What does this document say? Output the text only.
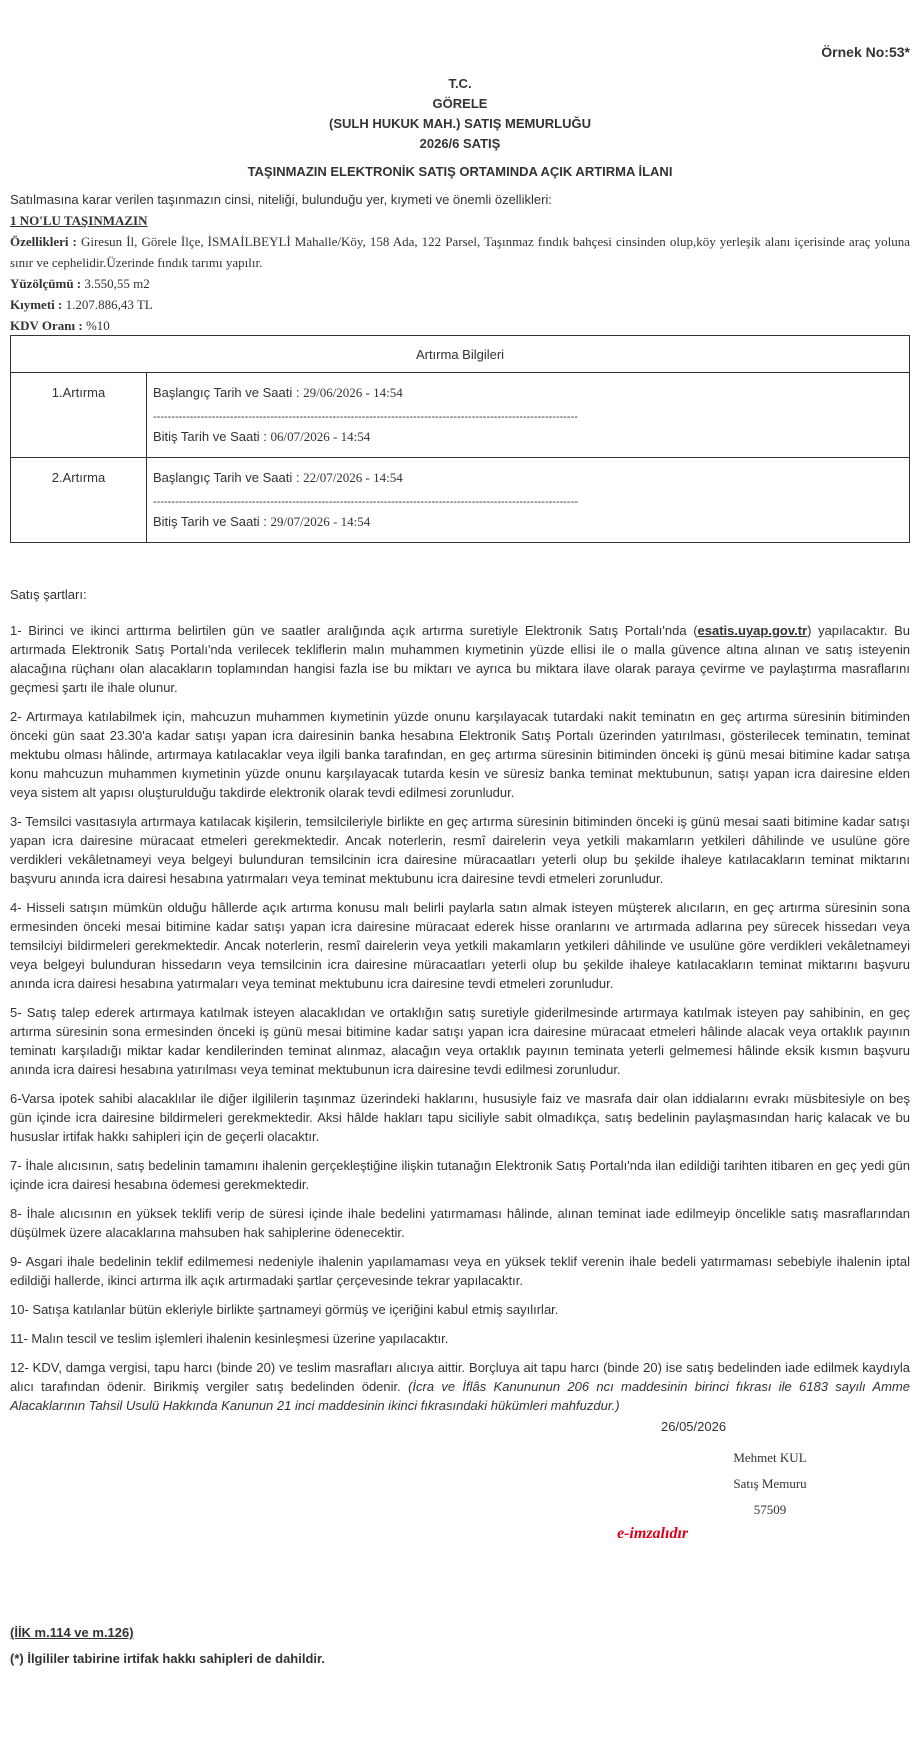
Örnek No:53*
T.C.
GÖRELE
(SULH HUKUK MAH.) SATIŞ MEMURLUĞU
2026/6 SATIŞ
TAŞINMAZIN ELEKTRONİK SATIŞ ORTAMINDA AÇIK ARTIRMA İLANI
Satılmasına karar verilen taşınmazın cinsi, niteliği, bulunduğu yer, kıymeti ve önemli özellikleri:
1 NO'LU TAŞINMAZIN
Özellikleri : Giresun İl, Görele İlçe, İSMAİLBEYLİ Mahalle/Köy, 158 Ada, 122 Parsel, Taşınmaz fındık bahçesi cinsinden olup,köy yerleşik alanı içerisinde araç yoluna sınır ve cephelidir.Üzerinde fındık tarımı yapılır.
Yüzölçümü : 3.550,55 m2
Kıymeti : 1.207.886,43 TL
KDV Oranı : %10
Artırma Bilgileri	
1.Artırma	Başlangıç Tarih ve Saati : 29/06/2026 - 14:54
--------------------------------------------------------------------------------------------------------------------
Bitiş Tarih ve Saati : 06/07/2026 - 14:54

2.Artırma	Başlangıç Tarih ve Saati : 22/07/2026 - 14:54
--------------------------------------------------------------------------------------------------------------------
Bitiş Tarih ve Saati : 29/07/2026 - 14:54

Satış şartları:

1- Birinci ve ikinci arttırma belirtilen gün ve saatler aralığında açık artırma suretiyle Elektronik Satış Portalı'nda (esatis.uyap.gov.tr) yapılacaktır. Bu artırmada Elektronik Satış Portalı'nda verilecek tekliflerin malın muhammen kıymetinin yüzde ellisi ile o malla güvence altına alınan ve satış isteyenin alacağına rüçhanı olan alacakların toplamından hangisi fazla ise bu miktarı ve ayrıca bu miktara ilave olarak paraya çevirme ve paylaştırma masraflarını geçmesi şartı ile ihale olunur.

2- Artırmaya katılabilmek için, mahcuzun muhammen kıymetinin yüzde onunu karşılayacak tutardaki nakit teminatın en geç artırma süresinin bitiminden önceki gün saat 23.30'a kadar satışı yapan icra dairesinin banka hesabına Elektronik Satış Portalı üzerinden yatırılması, gösterilecek teminatın, teminat mektubu olması hâlinde, artırmaya katılacaklar veya ilgili banka tarafından, en geç artırma süresinin bitiminden önceki iş günü mesai bitimine kadar satışa konu mahcuzun muhammen kıymetinin yüzde onunu karşılayacak tutarda kesin ve süresiz banka teminat mektubunun, satışı yapan icra dairesine elden veya sistem alt yapısı oluşturulduğu takdirde elektronik olarak tevdi edilmesi zorunludur.

3- Temsilci vasıtasıyla artırmaya katılacak kişilerin, temsilcileriyle birlikte en geç artırma süresinin bitiminden önceki iş günü mesai saati bitimine kadar satışı yapan icra dairesine müracaat etmeleri gerekmektedir. Ancak noterlerin, resmî dairelerin veya yetkili makamların yetkileri dâhilinde ve usulüne göre verdikleri vekâletnameyi veya belgeyi bulunduran temsilcinin icra dairesine müracaatları yeterli olup bu şekilde ihaleye katılacakların teminat miktarını başvuru anında icra dairesi hesabına yatırmaları veya teminat mektubunu icra dairesine tevdi etmeleri zorunludur.

4- Hisseli satışın mümkün olduğu hâllerde açık artırma konusu malı belirli paylarla satın almak isteyen müşterek alıcıların, en geç artırma süresinin sona ermesinden önceki mesai bitimine kadar satışı yapan icra dairesine müracaat ederek hisse oranlarını ve artırmada adlarına pey sürecek hissedarı veya temsilciyi bildirmeleri gerekmektedir. Ancak noterlerin, resmî dairelerin veya yetkili makamların yetkileri dâhilinde ve usulüne göre verdikleri vekâletnameyi veya belgeyi bulunduran hissedarın veya temsilcinin icra dairesine müracaatları yeterli olup bu şekilde ihaleye katılacakların teminat miktarını başvuru anında icra dairesi hesabına yatırmaları veya teminat mektubunu icra dairesine tevdi etmeleri zorunludur.

5- Satış talep ederek artırmaya katılmak isteyen alacaklıdan ve ortaklığın satış suretiyle giderilmesinde artırmaya katılmak isteyen pay sahibinin, en geç artırma süresinin sona ermesinden önceki iş günü mesai bitimine kadar satışı yapan icra dairesine müracaat etmeleri hâlinde alacak veya ortaklık payının teminatı karşıladığı miktar kadar kendilerinden teminat alınmaz, alacağın veya ortaklık payının teminata yeterli gelmemesi hâlinde eksik kısmın başvuru anında icra dairesi hesabına yatırılması veya teminat mektubunun icra dairesine tevdi edilmesi zorunludur.

6-Varsa ipotek sahibi alacaklılar ile diğer ilgililerin taşınmaz üzerindeki haklarını, hususiyle faiz ve masrafa dair olan iddialarını evrakı müsbitesiyle on beş gün içinde icra dairesine bildirmeleri gerekmektedir. Aksi hâlde hakları tapu siciliyle sabit olmadıkça, satış bedelinin paylaşmasından hariç kalacak ve bu hususlar irtifak hakkı sahipleri için de geçerli olacaktır.

7- İhale alıcısının, satış bedelinin tamamını ihalenin gerçekleştiğine ilişkin tutanağın Elektronik Satış Portalı'nda ilan edildiği tarihten itibaren en geç yedi gün içinde icra dairesi hesabına ödemesi gerekmektedir.

8- İhale alıcısının en yüksek teklifi verip de süresi içinde ihale bedelini yatırmaması hâlinde, alınan teminat iade edilmeyip öncelikle satış masraflarından düşülmek üzere alacaklarına mahsuben hak sahiplerine ödenecektir.

9- Asgari ihale bedelinin teklif edilmemesi nedeniyle ihalenin yapılamaması veya en yüksek teklif verenin ihale bedeli yatırmaması sebebiyle ihalenin iptal edildiği hallerde, ikinci artırma ilk açık artırmadaki şartlar çerçevesinde tekrar yapılacaktır.

10- Satışa katılanlar bütün ekleriyle birlikte şartnameyi görmüş ve içeriğini kabul etmiş sayılırlar.

11- Malın tescil ve teslim işlemleri ihalenin kesinleşmesi üzerine yapılacaktır.

12- KDV, damga vergisi, tapu harcı (binde 20) ve teslim masrafları alıcıya aittir. Borçluya ait tapu harcı (binde 20) ise satış bedelinden iade edilmek kaydıyla alıcı tarafından ödenir. Birikmiş vergiler satış bedelinden ödenir. (İcra ve İflâs Kanununun 206 ncı maddesinin birinci fıkrası ile 6183 sayılı Amme Alacaklarının Tahsil Usulü Hakkında Kanunun 21 inci maddesinin ikinci fıkrasındaki hükümleri mahfuzdur.)

26/05/2026
Mehmet KUL
Satış Memuru
57509
e-imzalıdır
(İİK m.114 ve m.126)
(*) İlgililer tabirine irtifak hakkı sahipleri de dahildir.
